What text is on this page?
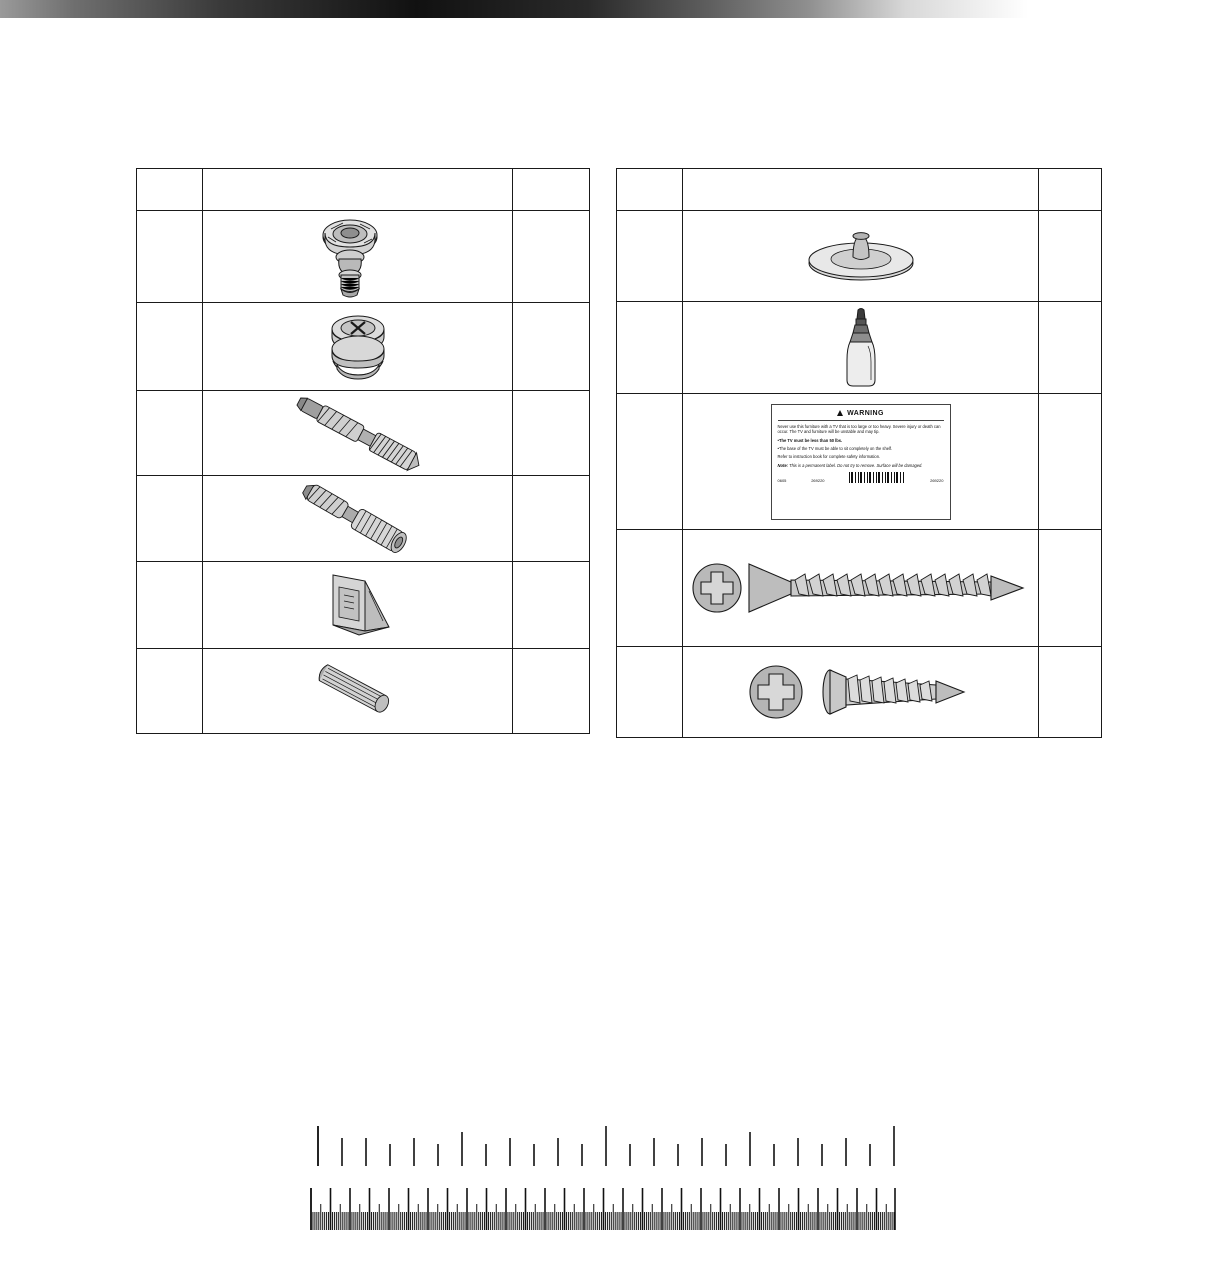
WARNING

Never use this furniture with a TV that is too large or too heavy. Severe injury or death can occur. The TV and furniture will be unstable and may tip.

•The TV must be less than 50 lbs.

•The base of the TV must be able to sit completely on the shelf.

Refer to instruction book for complete safety information.

Note: This is a permanent label. Do not try to remove. Surface will be damaged.

0605	269220	269220
